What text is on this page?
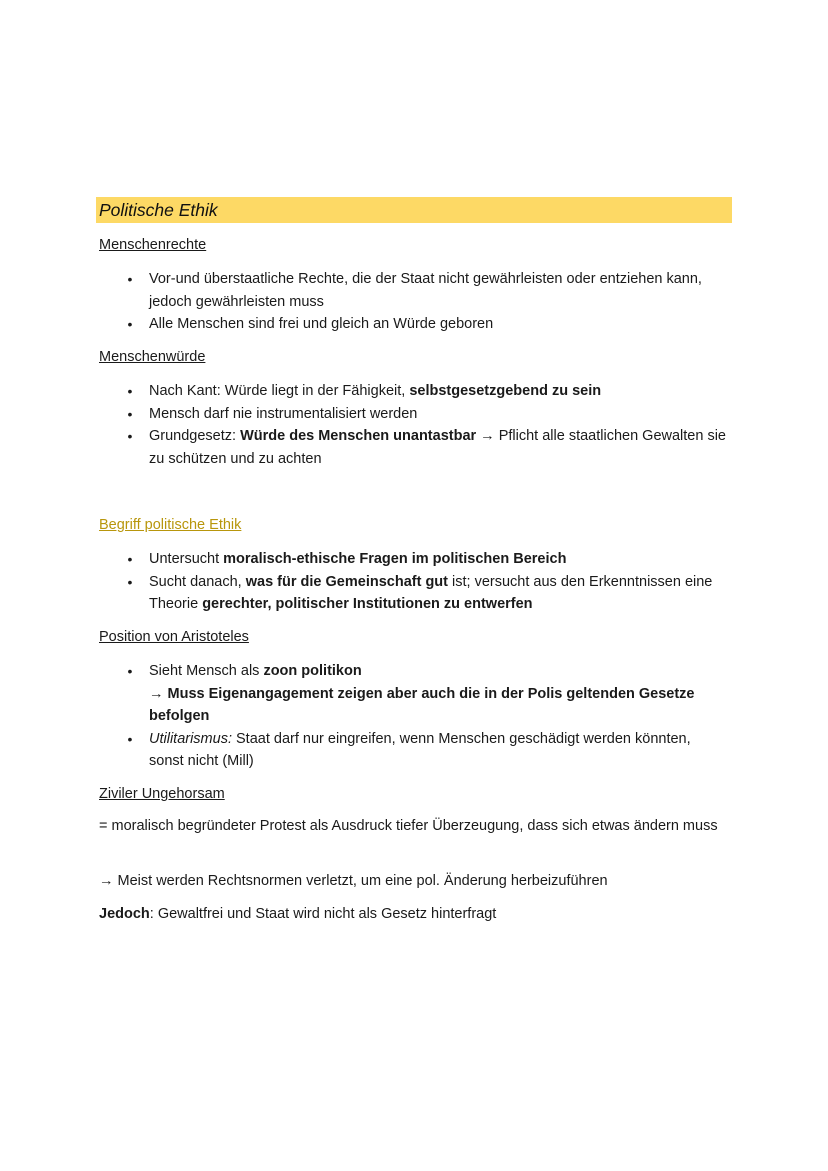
Politische Ethik
Menschenrechte
• Vor-und überstaatliche Rechte, die der Staat nicht gewährleisten oder entziehen kann, jedoch gewährleisten muss
• Alle Menschen sind frei und gleich an Würde geboren
Menschenwürde
• Nach Kant: Würde liegt in der Fähigkeit, selbstgesetzgebend zu sein
• Mensch darf nie instrumentalisiert werden
• Grundgesetz: Würde des Menschen unantastbar → Pflicht alle staatlichen Gewalten sie zu schützen und zu achten
Begriff politische Ethik
• Untersucht moralisch-ethische Fragen im politischen Bereich
• Sucht danach, was für die Gemeinschaft gut ist; versucht aus den Erkenntnissen eine Theorie gerechter, politischer Institutionen zu entwerfen
Position von Aristoteles
• Sieht Mensch als zoon politikon
→ Muss Eigenangagement zeigen aber auch die in der Polis geltenden Gesetze befolgen
• Utilitarismus: Staat darf nur eingreifen, wenn Menschen geschädigt werden könnten, sonst nicht (Mill)
Ziviler Ungehorsam

= moralisch begründeter Protest als Ausdruck tiefer Überzeugung, dass sich etwas ändern muss

→ Meist werden Rechtsnormen verletzt, um eine pol. Änderung herbeizuführen

Jedoch: Gewaltfrei und Staat wird nicht als Gesetz hinterfragt
